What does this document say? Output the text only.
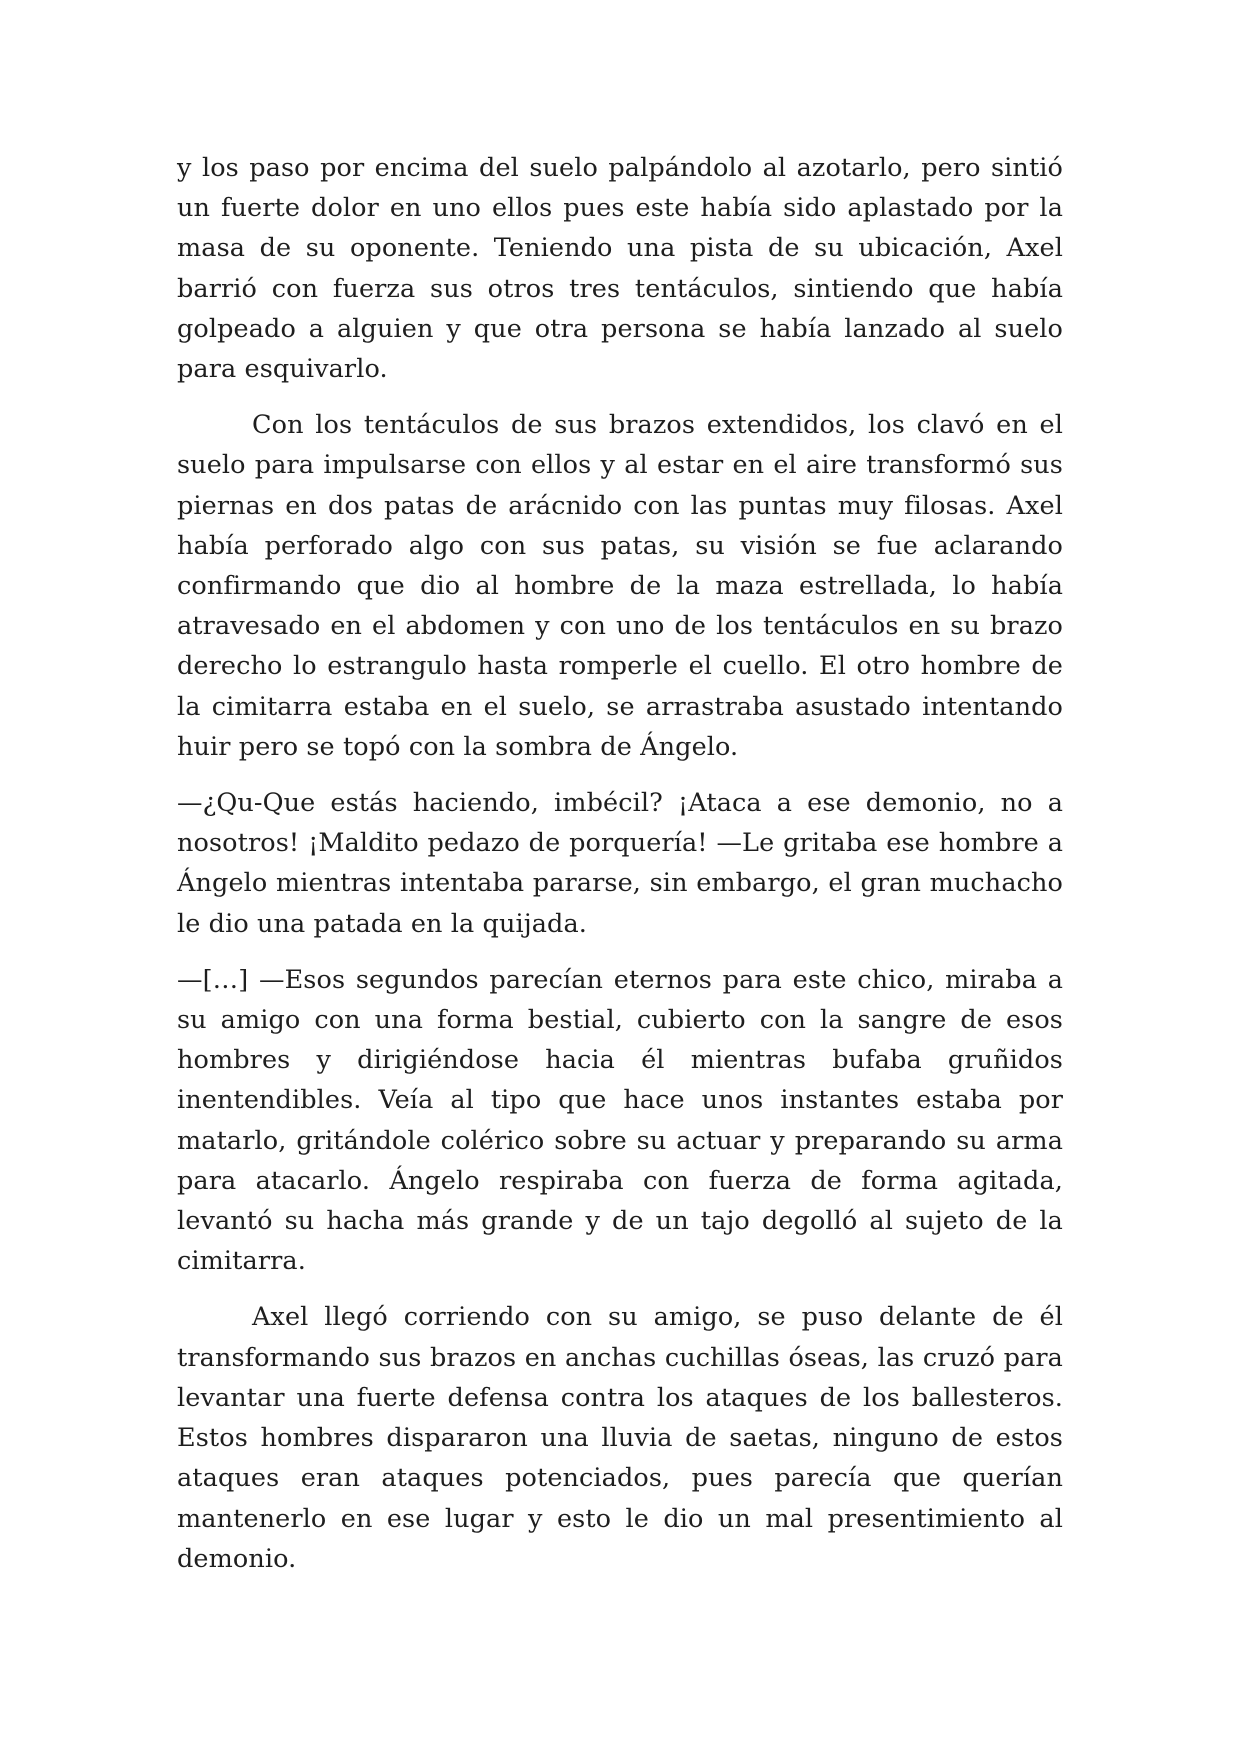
y los paso por encima del suelo palpándolo al azotarlo, pero sintió un fuerte dolor en uno ellos pues este había sido aplastado por la masa de su oponente. Teniendo una pista de su ubicación, Axel barrió con fuerza sus otros tres tentáculos, sintiendo que había golpeado a alguien y que otra persona se había lanzado al suelo para esquivarlo.

Con los tentáculos de sus brazos extendidos, los clavó en el suelo para impulsarse con ellos y al estar en el aire transformó sus piernas en dos patas de arácnido con las puntas muy filosas. Axel había perforado algo con sus patas, su visión se fue aclarando confirmando que dio al hombre de la maza estrellada, lo había atravesado en el abdomen y con uno de los tentáculos en su brazo derecho lo estrangulo hasta romperle el cuello. El otro hombre de la cimitarra estaba en el suelo, se arrastraba asustado intentando huir pero se topó con la sombra de Ángelo.

—¿Qu-Que estás haciendo, imbécil? ¡Ataca a ese demonio, no a nosotros! ¡Maldito pedazo de porquería! —Le gritaba ese hombre a Ángelo mientras intentaba pararse, sin embargo, el gran muchacho le dio una patada en la quijada.

—[…] —Esos segundos parecían eternos para este chico, miraba a su amigo con una forma bestial, cubierto con la sangre de esos hombres y dirigiéndose hacia él mientras bufaba gruñidos inentendibles. Veía al tipo que hace unos instantes estaba por matarlo, gritándole colérico sobre su actuar y preparando su arma para atacarlo. Ángelo respiraba con fuerza de forma agitada, levantó su hacha más grande y de un tajo degolló al sujeto de la cimitarra.

Axel llegó corriendo con su amigo, se puso delante de él transformando sus brazos en anchas cuchillas óseas, las cruzó para levantar una fuerte defensa contra los ataques de los ballesteros. Estos hombres dispararon una lluvia de saetas, ninguno de estos ataques eran ataques potenciados, pues parecía que querían mantenerlo en ese lugar y esto le dio un mal presentimiento al demonio.
